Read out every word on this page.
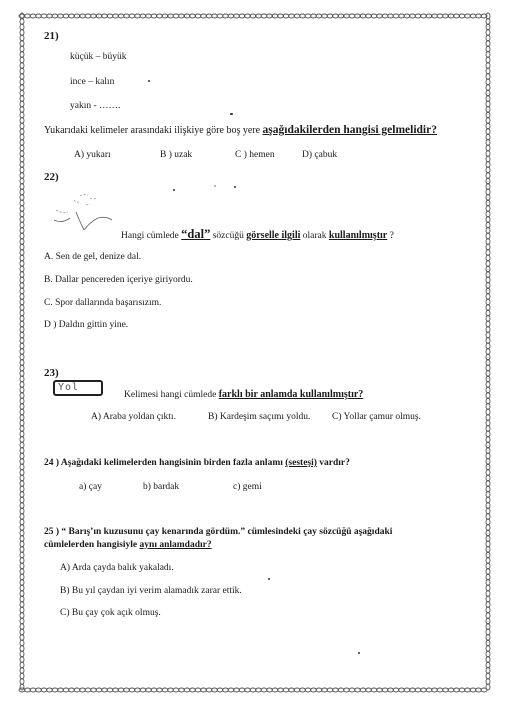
21)
küçük – büyük
ince – kalın
yakın - …….
Yukarıdaki kelimeler arasındaki ilişkiye göre boş yere aşağıdakilerden hangisi gelmelidir?
A) yukarı	B ) uzak	C ) hemen	D) çabuk
22)
Hangi cümlede “dal” sözcüğü görselle ilgili olarak kullanılmıştır ?
A. Sen de gel, denize dal.
B. Dallar pencereden içeriye giriyordu.
C. Spor dallarında başarısızım.
D ) Daldın gittin yine.
23)
Yol
Kelimesi hangi cümlede farklı bir anlamda kullanılmıştır?
A) Araba yoldan çıktı.	B) Kardeşim saçımı yoldu. C) Yollar çamur olmuş.
24 ) Aşağıdaki kelimelerden hangisinin birden fazla anlamı (sesteşi) vardır?
a) çay	b) bardak	c) gemi
25 ) “ Barış’ın kuzusunu çay kenarında gördüm.” cümlesindeki çay sözcüğü aşağıdaki
cümlelerden hangisiyle aynı anlamdadır?
A) Arda çayda balık yakaladı.
B) Bu yıl çaydan iyi verim alamadık zarar ettik.
C) Bu çay çok açık olmuş.
